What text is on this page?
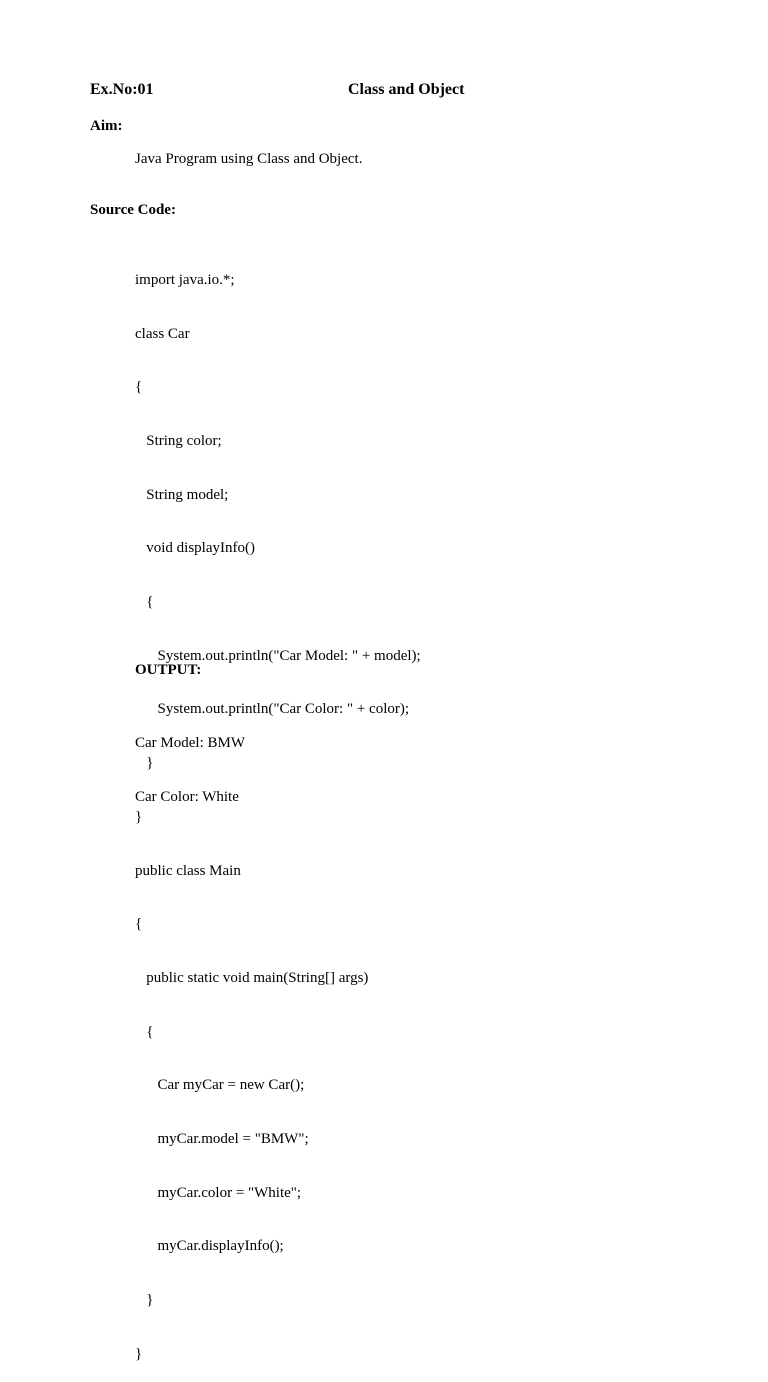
Ex.No:01	Class and Object
Aim:
Java Program using Class and Object.
Source Code:

import java.io.*;

class Car

{

String color;

String model;

void displayInfo()

{

System.out.println("Car Model: " + model);

System.out.println("Car Color: " + color);

}

}

public class Main

{

public static void main(String[] args)

{

Car myCar = new Car();

myCar.model = "BMW";

myCar.color = "White";

myCar.displayInfo();

}

}

OUTPUT:

Car Model: BMW

Car Color: White
